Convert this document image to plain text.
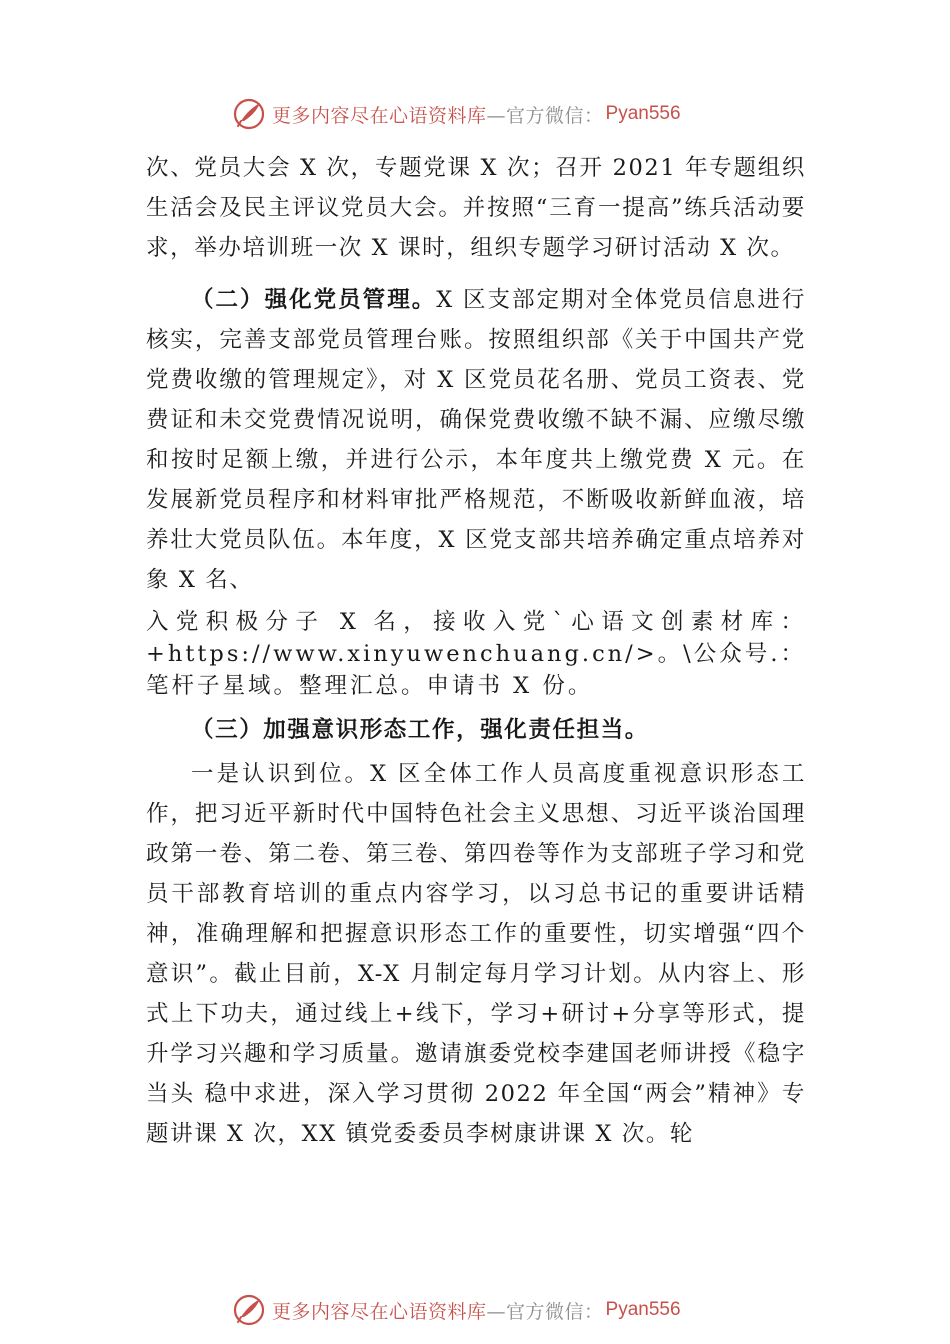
更多内容尽在心语资料库 —官方微信： Pyan556

次、党员大会 X 次，专题党课 X 次；召开 2021 年专题组织生活会及民主评议党员大会。并按照“三育一提高”练兵活动要求，举办培训班一次 X 课时，组织专题学习研讨活动 X 次。

（二）强化党员管理。X 区支部定期对全体党员信息进行核实，完善支部党员管理台账。按照组织部《关于中国共产党党费收缴的管理规定》，对 X 区党员花名册、党员工资表、党费证和未交党费情况说明，确保党费收缴不缺不漏、应缴尽缴和按时足额上缴，并进行公示，本年度共上缴党费 X 元。在发展新党员程序和材料审批严格规范，不断吸收新鲜血液，培养壮大党员队伍。本年度，X 区党支部共培养确定重点培养对象 X 名、

入党积极分子 X 名，接收入党`心语文创素材库：+https://www.xinyuwenchuang.cn/>。\公众号.：笔杆子星域。整理汇总。申请书 X 份。

（三）加强意识形态工作，强化责任担当。

一是认识到位。X 区全体工作人员高度重视意识形态工作，把习近平新时代中国特色社会主义思想、习近平谈治国理政第一卷、第二卷、第三卷、第四卷等作为支部班子学习和党员干部教育培训的重点内容学习，以习总书记的重要讲话精神，准确理解和把握意识形态工作的重要性，切实增强“四个意识”。截止目前，X-X 月制定每月学习计划。从内容上、形式上下功夫，通过线上+线下，学习+研讨+分享等形式，提升学习兴趣和学习质量。邀请旗委党校李建国老师讲授《稳字当头 稳中求进，深入学习贯彻 2022 年全国“两会”精神》专题讲课 X 次，XX 镇党委委员李树康讲课 X 次。轮

更多内容尽在心语资料库 —官方微信： Pyan556
